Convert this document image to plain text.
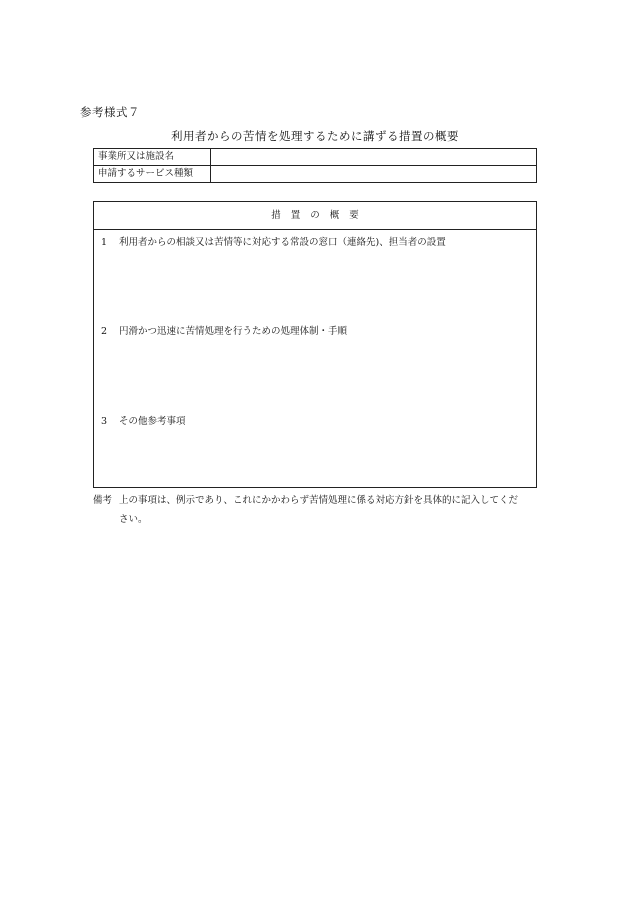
参考様式７
利用者からの苦情を処理するために講ずる措置の概要
事業所又は施設名	
申請するサービス種類	
措置の概要
1 利用者からの相談又は苦情等に対応する常設の窓口（連絡先)、担当者の設置
2 円滑かつ迅速に苦情処理を行うための処理体制・手順
3 その他参考事項
備考 上の事項は、例示であり、これにかかわらず苦情処理に係る対応方針を具体的に記入してくだ
さい。
